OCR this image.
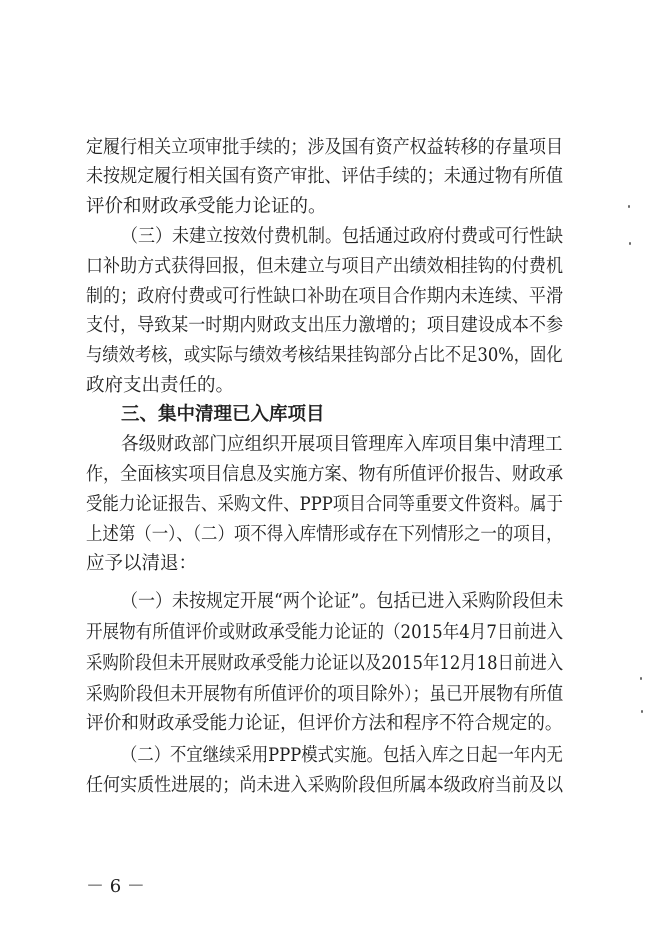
定履行相关立项审批手续的；涉及国有资产权益转移的存量项目
未按规定履行相关国有资产审批、评估手续的；未通过物有所值
评价和财政承受能力论证的。
（三）未建立按效付费机制。包括通过政府付费或可行性缺
口补助方式获得回报，但未建立与项目产出绩效相挂钩的付费机
制的；政府付费或可行性缺口补助在项目合作期内未连续、平滑
支付，导致某一时期内财政支出压力激增的；项目建设成本不参
与绩效考核，或实际与绩效考核结果挂钩部分占比不足30%，固化
政府支出责任的。
三、集中清理已入库项目
各级财政部门应组织开展项目管理库入库项目集中清理工
作，全面核实项目信息及实施方案、物有所值评价报告、财政承
受能力论证报告、采购文件、PPP项目合同等重要文件资料。属于
上述第（一）、（二）项不得入库情形或存在下列情形之一的项目，
应予以清退：
（一）未按规定开展“两个论证”。包括已进入采购阶段但未
开展物有所值评价或财政承受能力论证的（2015年4月7日前进入
采购阶段但未开展财政承受能力论证以及2015年12月18日前进入
采购阶段但未开展物有所值评价的项目除外）；虽已开展物有所值
评价和财政承受能力论证，但评价方法和程序不符合规定的。
（二）不宜继续采用PPP模式实施。包括入库之日起一年内无
任何实质性进展的；尚未进入采购阶段但所属本级政府当前及以
－ 6 －
